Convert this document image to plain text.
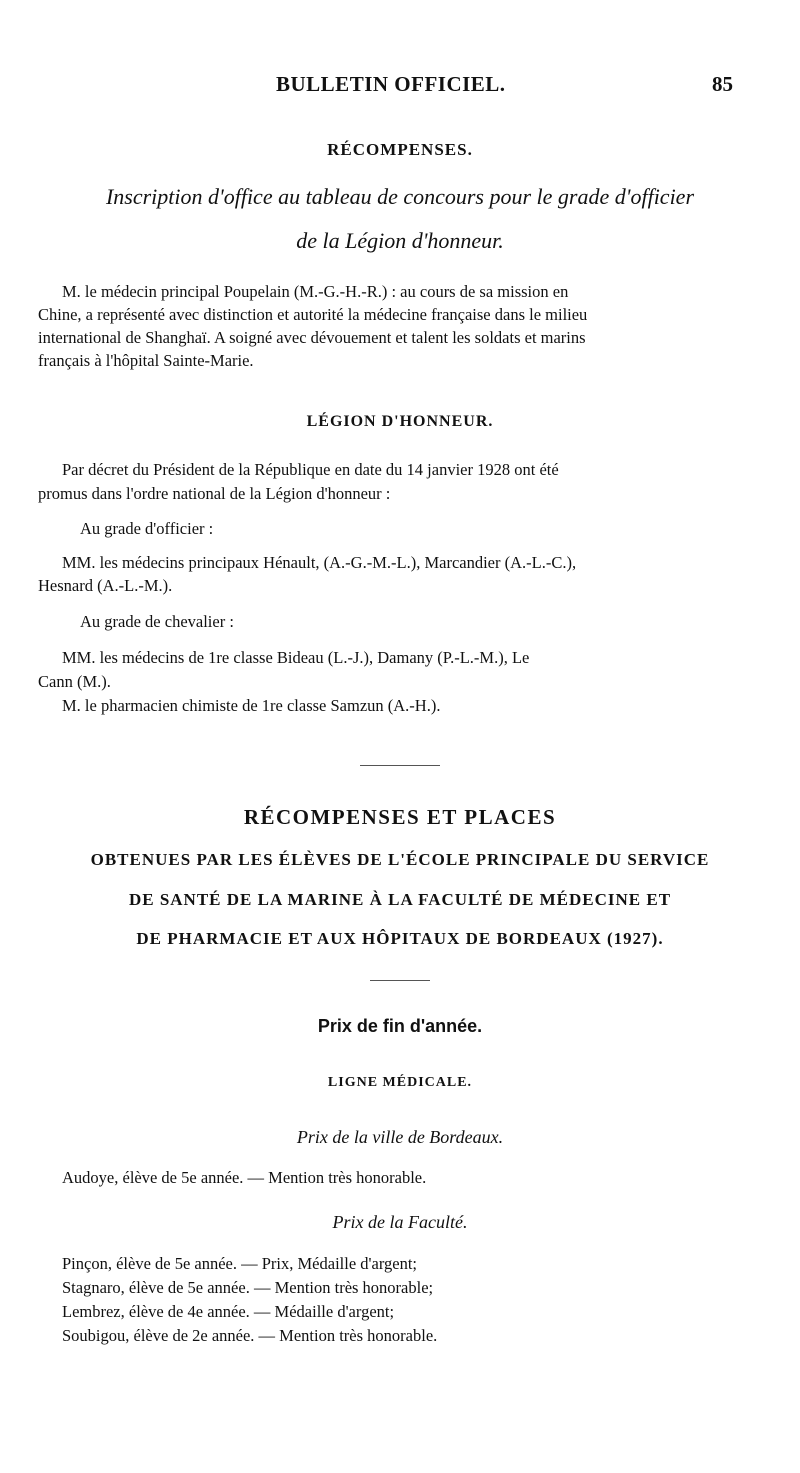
BULLETIN OFFICIEL.	85
RÉCOMPENSES.
Inscription d'office au tableau de concours pour le grade d'officier
de la Légion d'honneur.
M. le médecin principal Poupelain (M.-G.-H.-R.) : au cours de sa mission en
Chine, a représenté avec distinction et autorité la médecine française dans le milieu
international de Shanghaï. A soigné avec dévouement et talent les soldats et marins
français à l'hôpital Sainte-Marie.
LÉGION D'HONNEUR.
Par décret du Président de la République en date du 14 janvier 1928 ont été
promus dans l'ordre national de la Légion d'honneur :
Au grade d'officier :
MM. les médecins principaux Hénault, (A.-G.-M.-L.), Marcandier (A.-L.-C.),
Hesnard (A.-L.-M.).
Au grade de chevalier :
MM. les médecins de 1re classe Bideau (L.-J.), Damany (P.-L.-M.), Le
Cann (M.).
M. le pharmacien chimiste de 1re classe Samzun (A.-H.).
RÉCOMPENSES ET PLACES
OBTENUES PAR LES ÉLÈVES DE L'ÉCOLE PRINCIPALE DU SERVICE
DE SANTÉ DE LA MARINE À LA FACULTÉ DE MÉDECINE ET
DE PHARMACIE ET AUX HÔPITAUX DE BORDEAUX (1927).
Prix de fin d'année.
LIGNE MÉDICALE.
Prix de la ville de Bordeaux.
Audoye, élève de 5e année. — Mention très honorable.
Prix de la Faculté.
Pinçon, élève de 5e année. — Prix, Médaille d'argent;
Stagnaro, élève de 5e année. — Mention très honorable;
Lembrez, élève de 4e année. — Médaille d'argent;
Soubigou, élève de 2e année. — Mention très honorable.
